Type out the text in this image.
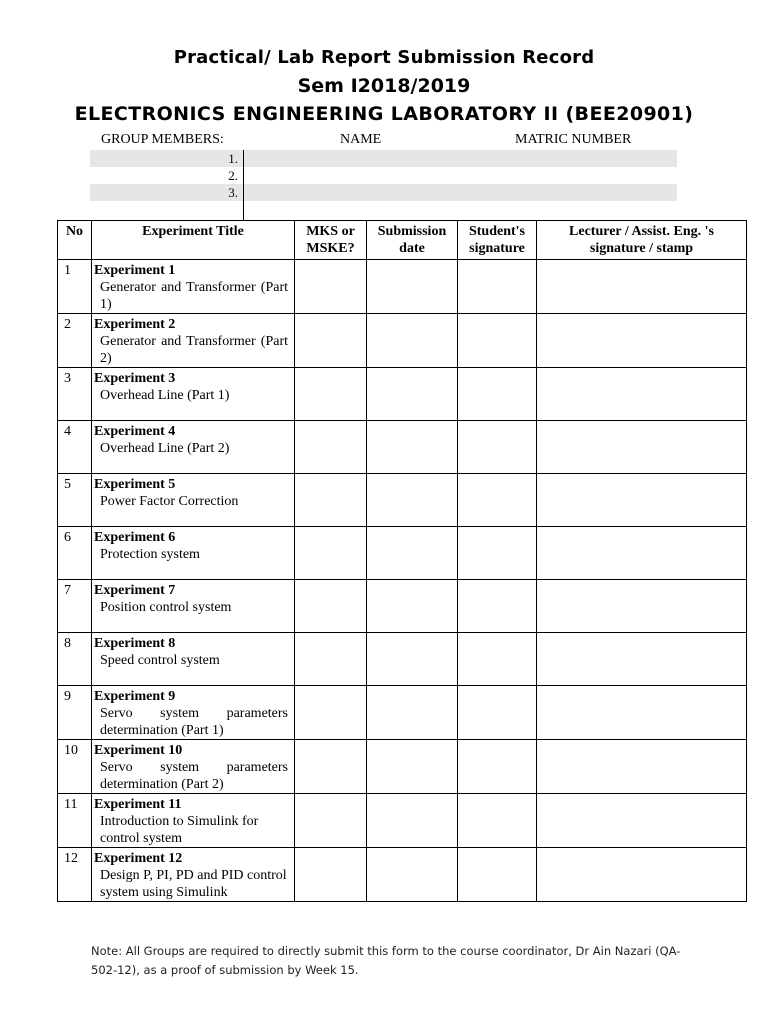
Practical/ Lab Report Submission Record
Sem I2018/2019
ELECTRONICS ENGINEERING LABORATORY II (BEE20901)
GROUP MEMBERS:	NAME	MATRIC NUMBER
1.
2.
3.
No	Experiment Title	MKS or MSKE?	Submission date	Student's signature	Lecturer / Assist. Eng. 's signature / stamp
1	Experiment 1
Generator and Transformer (Part 1)				

2	Experiment 2
Generator and Transformer (Part 2)				

3	Experiment 3
Overhead Line (Part 1)				

4	Experiment 4
Overhead Line (Part 2)				

5	Experiment 5
Power Factor Correction				

6	Experiment 6
Protection system				

7	Experiment 7
Position control system				

8	Experiment 8
Speed control system				

9	Experiment 9
Servo system parameters determination (Part 1)				

10	Experiment 10
Servo system parameters determination (Part 2)				

11	Experiment 11
Introduction to Simulink for control system				

12	Experiment 12
Design P, PI, PD and PID control system using Simulink				

Note: All Groups are required to directly submit this form to the course coordinator, Dr Ain Nazari (QA-502-12), as a proof of submission by Week 15.
